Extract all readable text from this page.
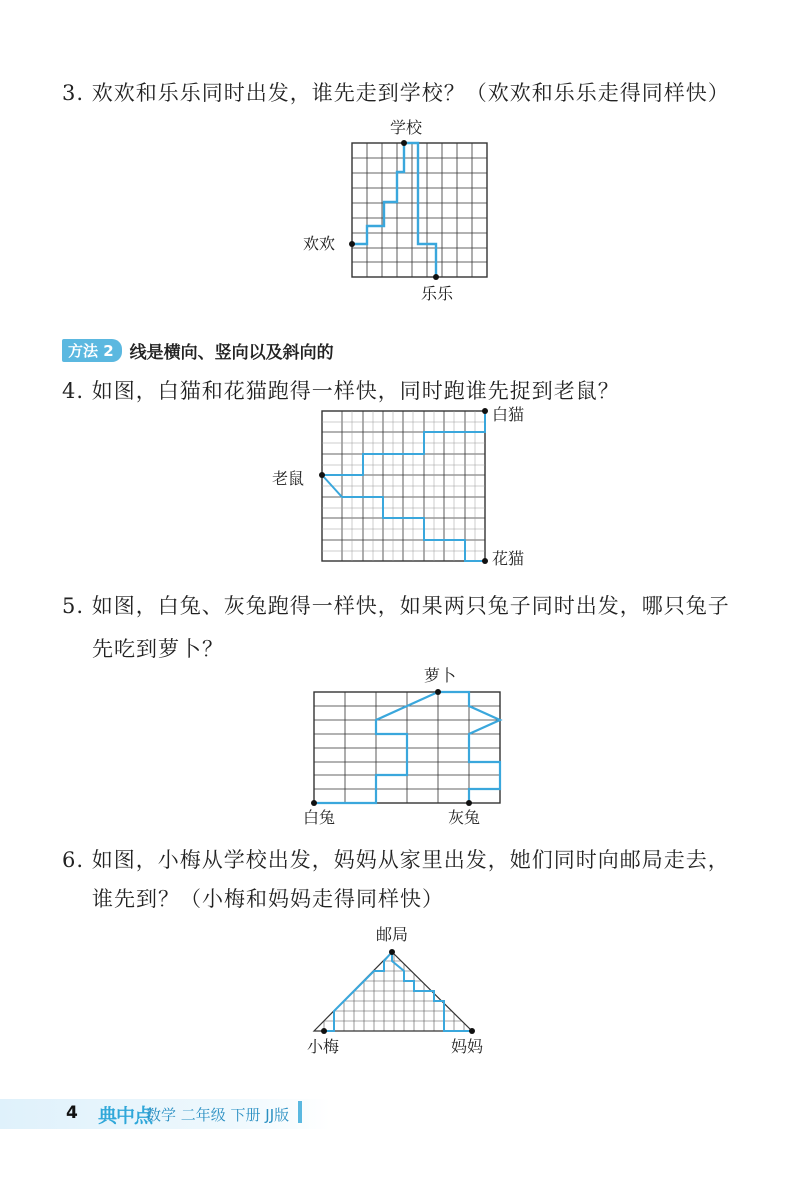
3. 欢欢和乐乐同时出发，谁先走到学校？（欢欢和乐乐走得同样快）
学校
欢欢
乐乐
方法 2 线是横向、竖向以及斜向的
4. 如图，白猫和花猫跑得一样快，同时跑谁先捉到老鼠？
白猫
老鼠
花猫
5. 如图，白兔、灰兔跑得一样快，如果两只兔子同时出发，哪只兔子
先吃到萝卜？
萝卜
白兔	灰兔
6. 如图，小梅从学校出发，妈妈从家里出发，她们同时向邮局走去，
谁先到？（小梅和妈妈走得同样快）
邮局
小梅	妈妈
4 典中点
数学 二年级 下册 JJ版
